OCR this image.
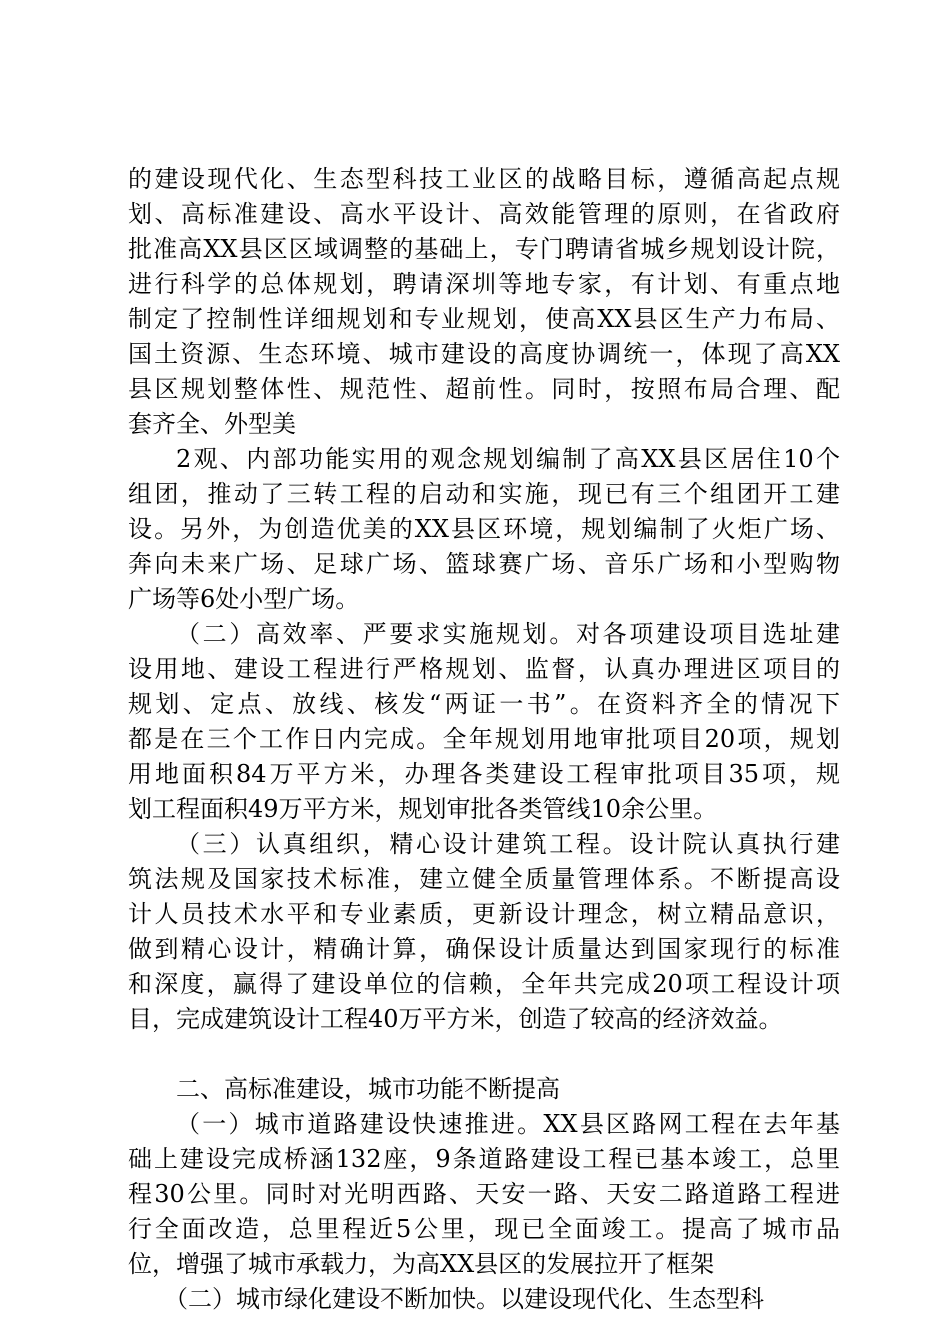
的建设现代化、生态型科技工业区的战略目标，遵循高起点规
划、高标准建设、高水平设计、高效能管理的原则，在省政府
批准高XX县区区域调整的基础上，专门聘请省城乡规划设计院，
进行科学的总体规划，聘请深圳等地专家，有计划、有重点地
制定了控制性详细规划和专业规划，使高XX县区生产力布局、
国土资源、生态环境、城市建设的高度协调统一，体现了高XX
县区规划整体性、规范性、超前性。同时，按照布局合理、配
套齐全、外型美
2观、内部功能实用的观念规划编制了高XX县区居住10个
组团，推动了三转工程的启动和实施，现已有三个组团开工建
设。另外，为创造优美的XX县区环境，规划编制了火炬广场、
奔向未来广场、足球广场、篮球赛广场、音乐广场和小型购物
广场等6处小型广场。
（二）高效率、严要求实施规划。对各项建设项目选址建
设用地、建设工程进行严格规划、监督，认真办理进区项目的
规划、定点、放线、核发“两证一书”。在资料齐全的情况下
都是在三个工作日内完成。全年规划用地审批项目20项，规划
用地面积84万平方米，办理各类建设工程审批项目35项，规
划工程面积49万平方米，规划审批各类管线10余公里。
（三）认真组织，精心设计建筑工程。设计院认真执行建
筑法规及国家技术标准，建立健全质量管理体系。不断提高设
计人员技术水平和专业素质，更新设计理念，树立精品意识，
做到精心设计，精确计算，确保设计质量达到国家现行的标准
和深度，赢得了建设单位的信赖，全年共完成20项工程设计项
目，完成建筑设计工程40万平方米，创造了较高的经济效益。
二、高标准建设，城市功能不断提高
（一）城市道路建设快速推进。XX县区路网工程在去年基
础上建设完成桥涵132座，9条道路建设工程已基本竣工，总里
程30公里。同时对光明西路、天安一路、天安二路道路工程进
行全面改造，总里程近5公里，现已全面竣工。提高了城市品
位，增强了城市承载力，为高XX县区的发展拉开了框架
（二）城市绿化建设不断加快。以建设现代化、生态型科
